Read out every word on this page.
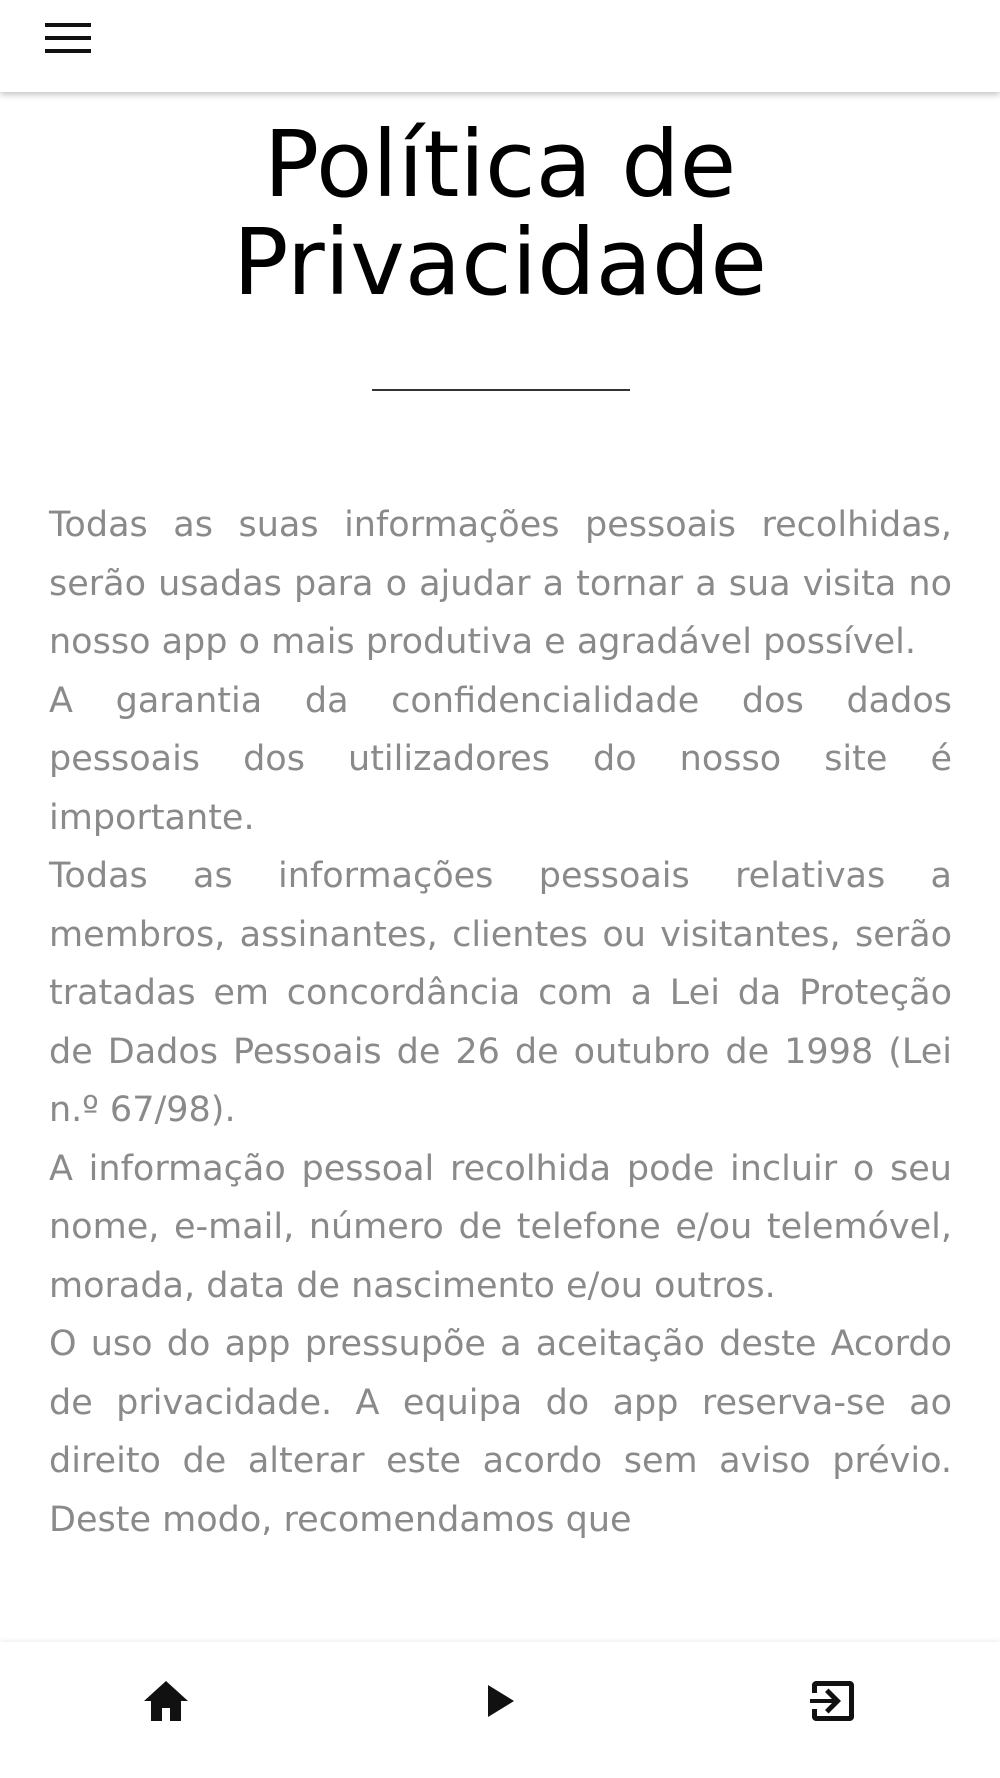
Política de Privacidade

Todas as suas informações pessoais recolhidas, serão usadas para o ajudar a tornar a sua visita no nosso app o mais produtiva e agradável possível.

A garantia da confidencialidade dos dados pessoais dos utilizadores do nosso site é importante.

Todas as informações pessoais relativas a membros, assinantes, clientes ou visitantes, serão tratadas em concordância com a Lei da Proteção de Dados Pessoais de 26 de outubro de 1998 (Lei n.º 67/98).

A informação pessoal recolhida pode incluir o seu nome, e-mail, número de telefone e/ou telemóvel, morada, data de nascimento e/ou outros.

O uso do app pressupõe a aceitação deste Acordo de privacidade. A equipa do app reserva-se ao direito de alterar este acordo sem aviso prévio. Deste modo, recomendamos que
